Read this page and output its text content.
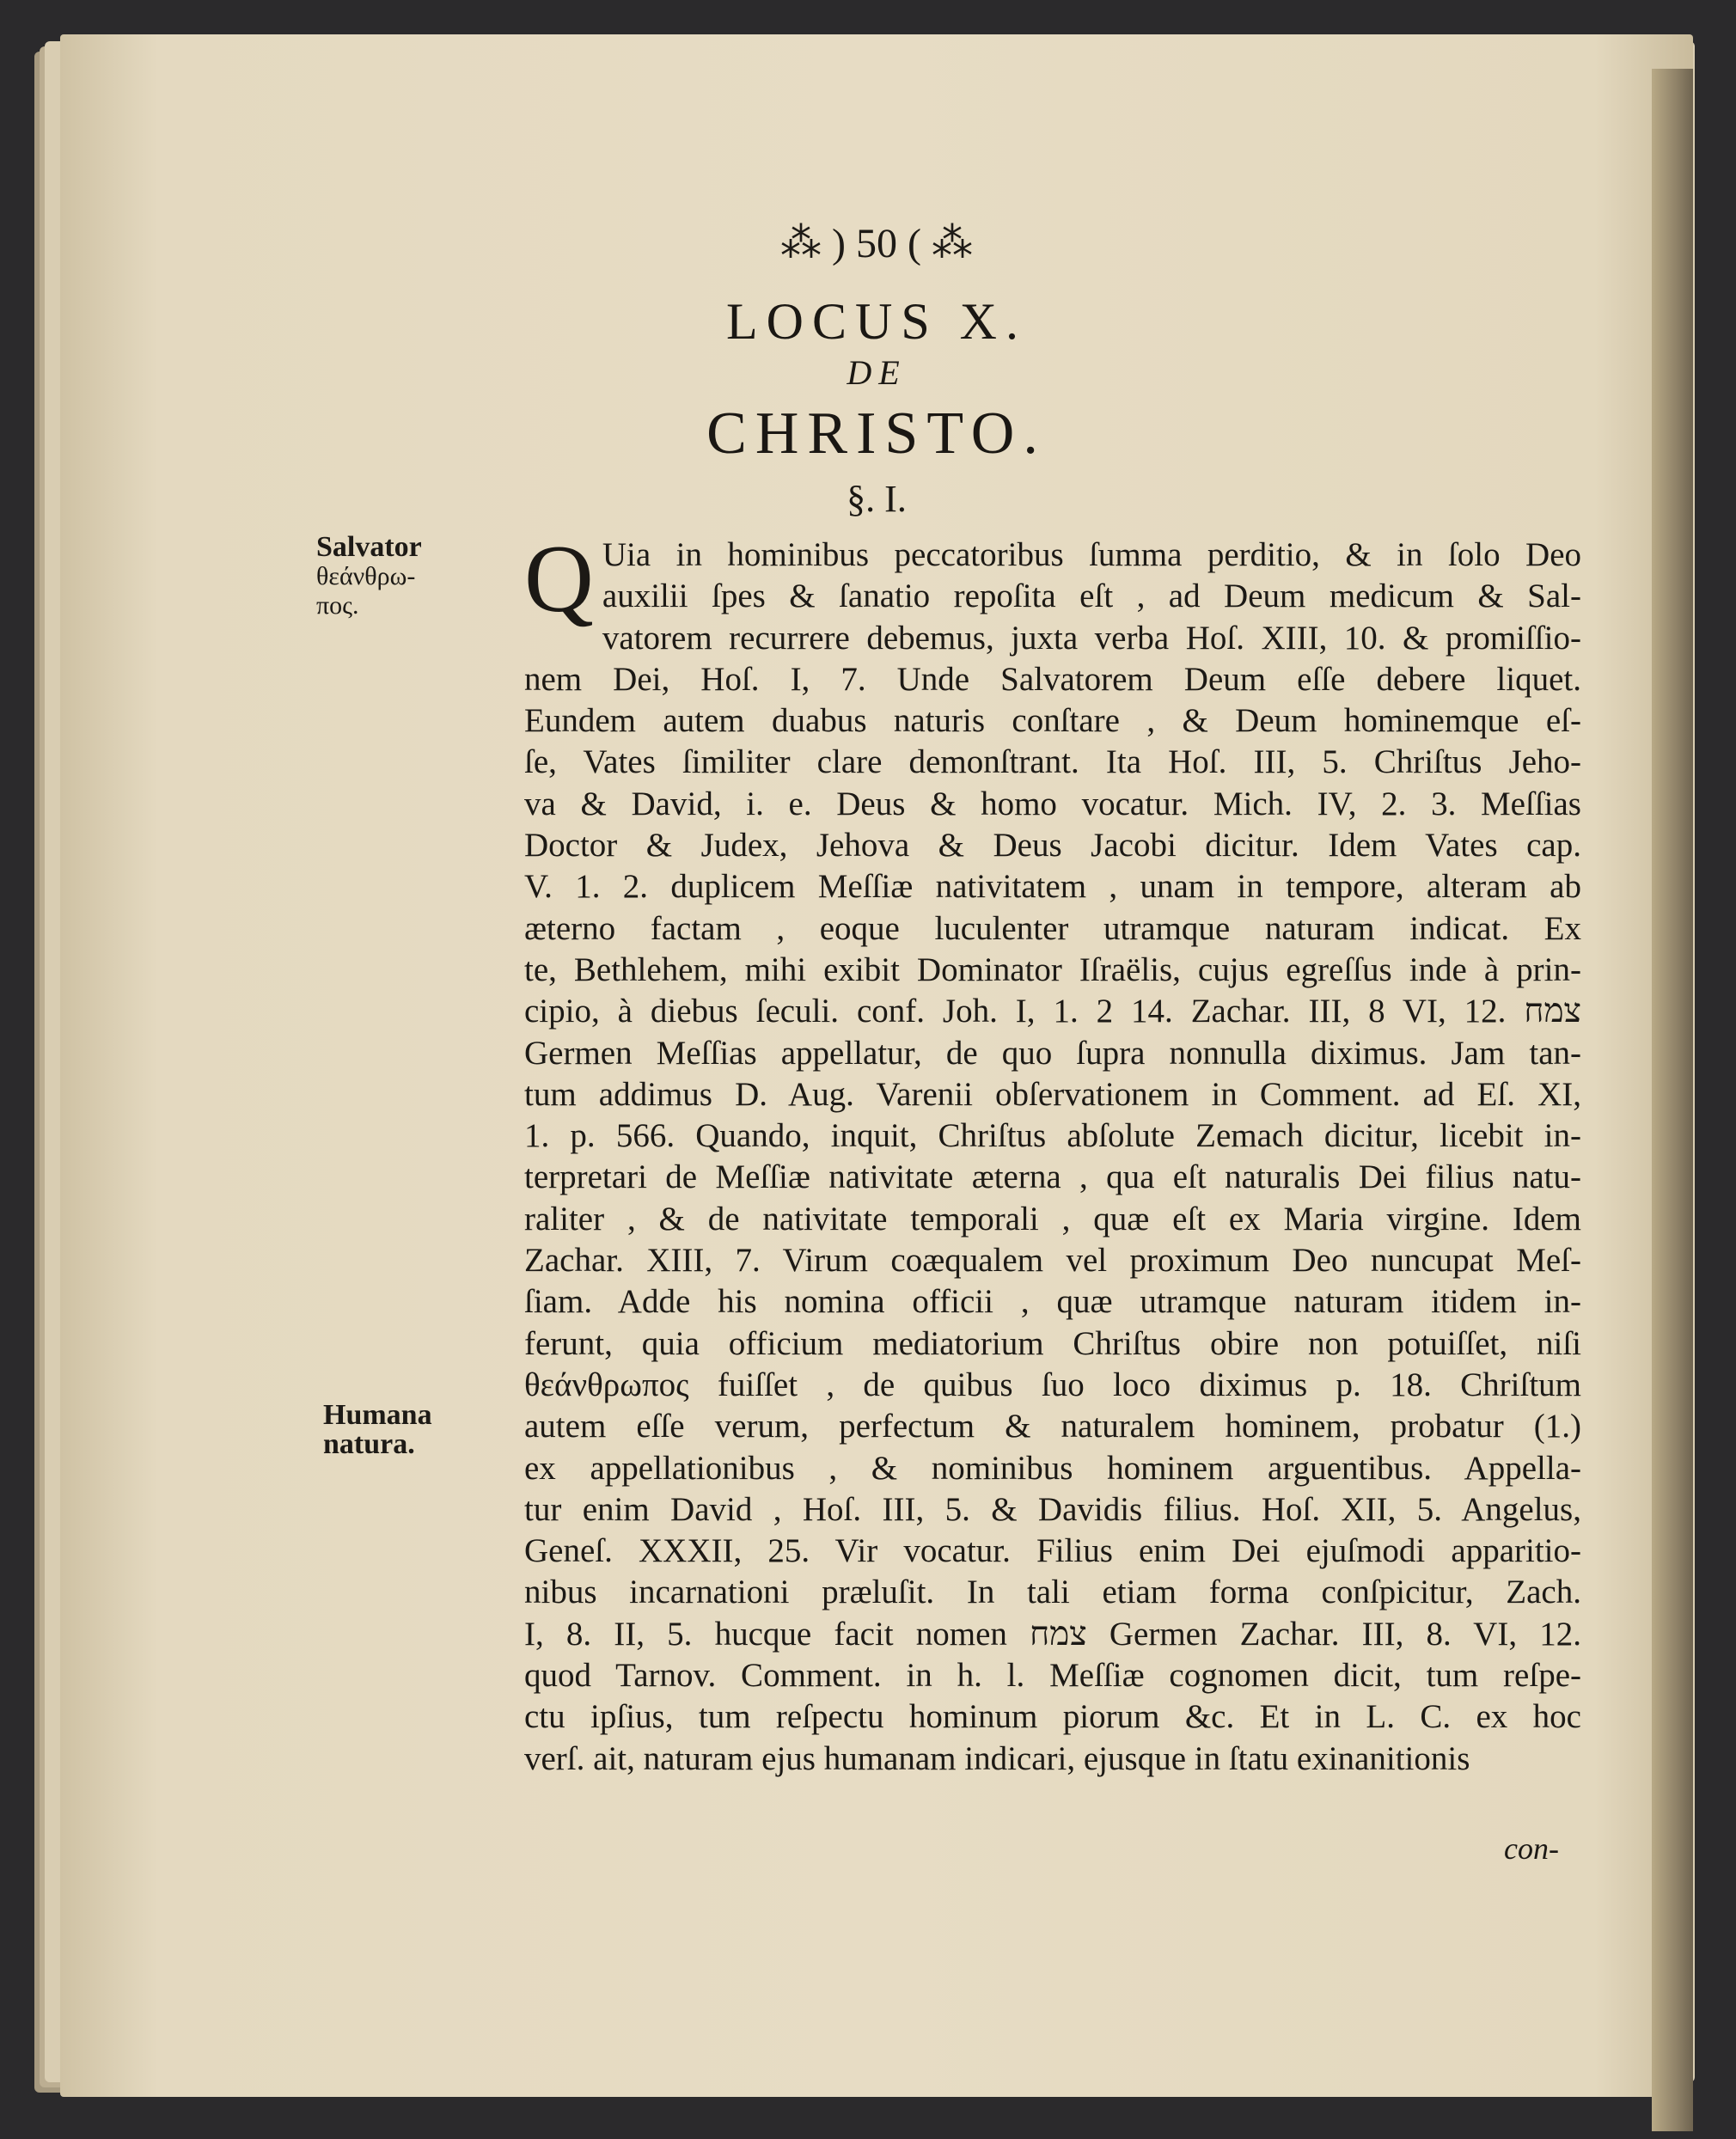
⁂ ) 50 ( ⁂
LOCUS X.
DE
CHRISTO.
§. I.
Salvator
θεάνθρω-
πος.
Humana
natura.
Q Uia in hominibus peccatoribus ſumma perditio, & in ſolo Deo
auxilii ſpes & ſanatio repoſita eſt , ad Deum medicum & Sal-
vatorem recurrere debemus, juxta verba Hoſ. XIII, 10. & promiſſio-
nem Dei, Hoſ. I, 7. Unde Salvatorem Deum eſſe debere liquet.
Eundem autem duabus naturis conſtare , & Deum hominemque eſ-
ſe, Vates ſimiliter clare demonſtrant. Ita Hoſ. III, 5. Chriſtus Jeho-
va & David, i. e. Deus & homo vocatur. Mich. IV, 2. 3. Meſſias
Doctor & Judex, Jehova & Deus Jacobi dicitur. Idem Vates cap.
V. 1. 2. duplicem Meſſiæ nativitatem , unam in tempore, alteram ab
æterno factam , eoque luculenter utramque naturam indicat. Ex
te, Bethlehem, mihi exibit Dominator Iſraëlis, cujus egreſſus inde à prin-
cipio, à diebus ſeculi. conf. Joh. I, 1. 2 14. Zachar. III, 8 VI, 12. צמח
Germen Meſſias appellatur, de quo ſupra nonnulla diximus. Jam tan-
tum addimus D. Aug. Varenii obſervationem in Comment. ad Eſ. XI,
1. p. 566. Quando, inquit, Chriſtus abſolute Zemach dicitur, licebit in-
terpretari de Meſſiæ nativitate æterna , qua eſt naturalis Dei filius natu-
raliter , & de nativitate temporali , quæ eſt ex Maria virgine. Idem
Zachar. XIII, 7. Virum coæqualem vel proximum Deo nuncupat Meſ-
ſiam. Adde his nomina officii , quæ utramque naturam itidem in-
ferunt, quia officium mediatorium Chriſtus obire non potuiſſet, niſi
θεάνθρωπος fuiſſet , de quibus ſuo loco diximus p. 18. Chriſtum
autem eſſe verum, perfectum & naturalem hominem, probatur (1.)
ex appellationibus , & nominibus hominem arguentibus. Appella-
tur enim David , Hoſ. III, 5. & Davidis filius. Hoſ. XII, 5. Angelus,
Geneſ. XXXII, 25. Vir vocatur. Filius enim Dei ejuſmodi apparitio-
nibus incarnationi præluſit. In tali etiam forma conſpicitur, Zach.
I, 8. II, 5. hucque facit nomen צמח Germen Zachar. III, 8. VI, 12.
quod Tarnov. Comment. in h. l. Meſſiæ cognomen dicit, tum reſpe-
ctu ipſius, tum reſpectu hominum piorum &c. Et in L. C. ex hoc
verſ. ait, naturam ejus humanam indicari, ejusque in ſtatu exinanitionis
con-
